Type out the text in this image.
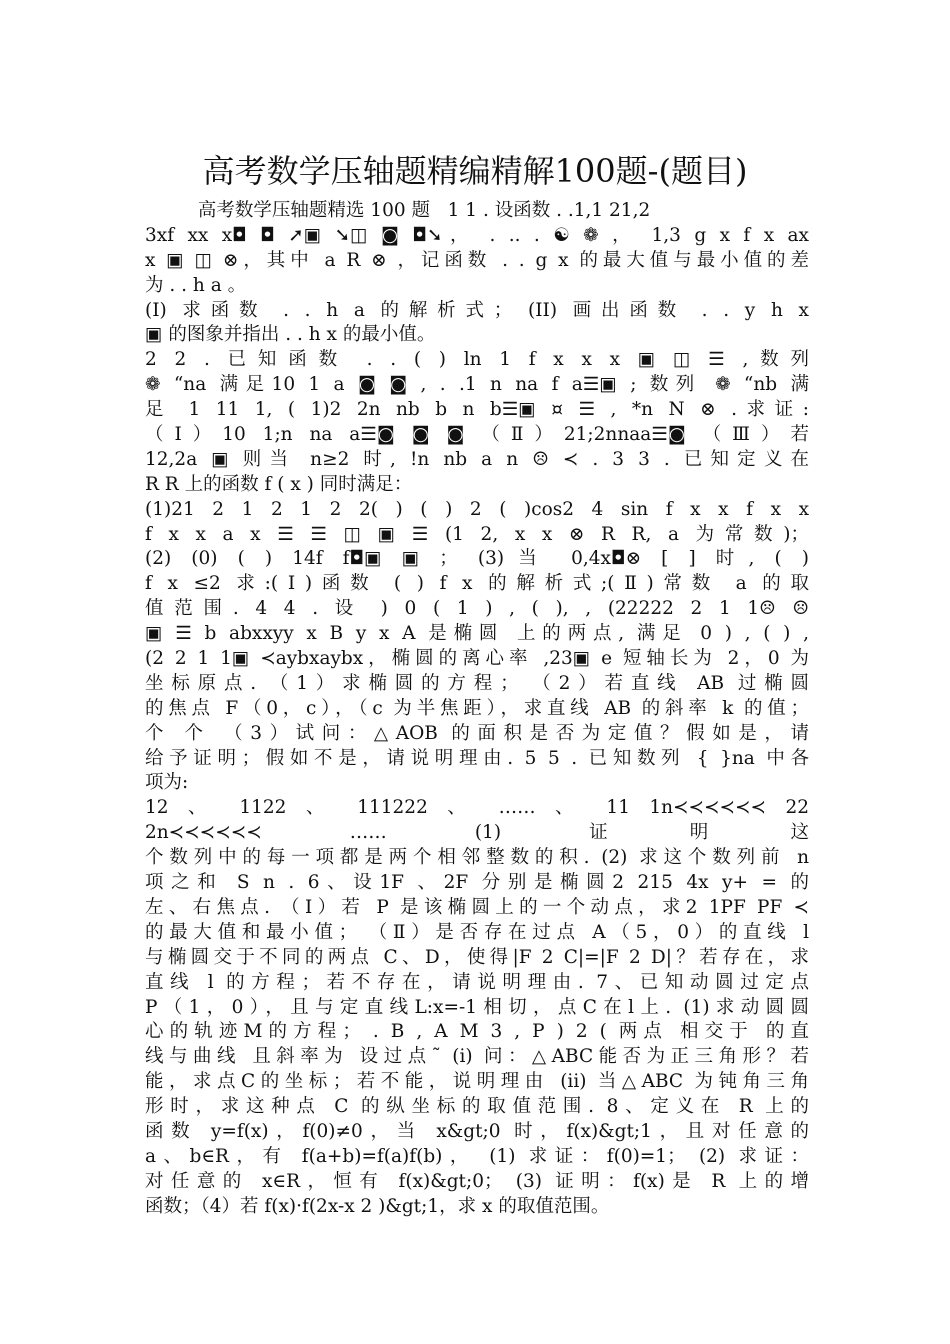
高考数学压轴题精编精解100题-(题目)
高考数学压轴题精选 100 题   1 1 . 设函数 . .1,1 21,2
3xf xx x◘ ◘ ➚▣ ➘◫ ◙ ◘➘， . .. . ☯ ❁ ， 1,3 g x f x ax
x ▣ ◫ ⊗，其中 a R ⊗ ，记函数 . . g x 的最大值与最小值的差
为 . . h a 。
(I) 求函数 . . h a 的解析式； (II) 画出函数 . . y h x
▣ 的图象并指出 . . h x 的最小值。
2 2 . 已知函数 . . ( ) ln 1 f x x x ▣ ◫ ☰ ,数列
❁ “na 满足10 1 a ◙ ◙ , . .1 n na f a☰▣ ; 数列 ❁ “nb 满
足 1 11 1, ( 1)2 2n nb b n b☰▣ ¤ ☰ , *n N ⊗ .求证:
（Ⅰ）10 1;n na a☰◙ ◙ ◙ （Ⅱ）21;2nnaa☰◙ （Ⅲ）若
12,2a ▣ 则当 n≥2 时, !n nb a n ☹ ≺ . 3 3 . 已知定义在
R R 上的函数 f ( x ) 同时满足：
(1)21 2 1 2 1 2 2( ) ( ) 2 ( )cos2 4 sin f x x f x x
f x x a x ☰ ☰ ◫ ▣ ☰ (1 2, x x ⊗ R R, a 为常数)；
(2) (0) ( ) 14f f◘▣ ▣ ； (3)当 0,4x◘⊗ [ ] 时, ( )
f x ≤2 求:(Ⅰ)函数 ( ) f x 的解析式;(Ⅱ)常数 a 的取
值范围. 4 4 . 设 ) 0 ( 1 ) , ( ), , (22222 2 1 1☹ ☹
▣ ☰ b abxxyy x B y x A 是椭圆 上的两点, 满足 0 ) , ( ) ,
(2 2 1 1▣ ≺aybxaybx，椭圆的离心率 ,23▣ e 短轴长为 2，0 为
坐标原点. （1）求椭圆的方程； （2）若直线 AB 过椭圆
的焦点 F（0，c），（c 为半焦距），求直线 AB 的斜率 k 的值；
个 个 （3）试问：△AOB 的面积是否为定值？假如是，请
给予证明；假如不是，请说明理由. 5 5 . 已知数列 { }na 中各
项为:
12 、 1122 、 111222 、 …… 、 11 1n≺≺≺≺≺≺ 22
2n≺≺≺≺≺≺ …… (1) 证明这
个数列中的每一项都是两个相邻整数的积. (2) 求这个数列前 n
项之和 S n . 6、设1F 、2F 分别是椭圆2 215 4x y+ = 的
左、右焦点. （Ⅰ）若 P 是该椭圆上的一个动点，求2 1PF PF ≺
的最大值和最小值； （Ⅱ）是否存在过点 A（5，0）的直线 l
与椭圆交于不同的两点 C、D，使得|F 2 C|=|F 2 D|？若存在，求
直线 l 的方程；若不存在，请说明理由. 7、已知动圆过定点
P（1，0），且与定直线L:x=-1相切，点C在l上. (1)求动圆圆
心的轨迹M的方程； . B , A M 3 , P ) 2 ( 两点 相交于 的直
线与曲线 且斜率为 设过点˜ (i) 问：△ABC能否为正三角形？若
能，求点C的坐标；若不能，说明理由 (ii) 当△ABC 为钝角三角
形时，求这种点 C 的纵坐标的取值范围. 8、定义在 R 上的
函数 y=f(x)，f(0)≠0，当 x&gt;0 时，f(x)&gt;1，且对任意的
a、b∈R，有 f(a+b)=f(a)f(b)， (1) 求证：f(0)=1； (2) 求证：
对任意的 x∈R，恒有 f(x)&gt;0； (3) 证明：f(x)是 R 上的增
函数；（4）若 f(x)·f(2x-x 2 )&gt;1，求 x 的取值范围。
